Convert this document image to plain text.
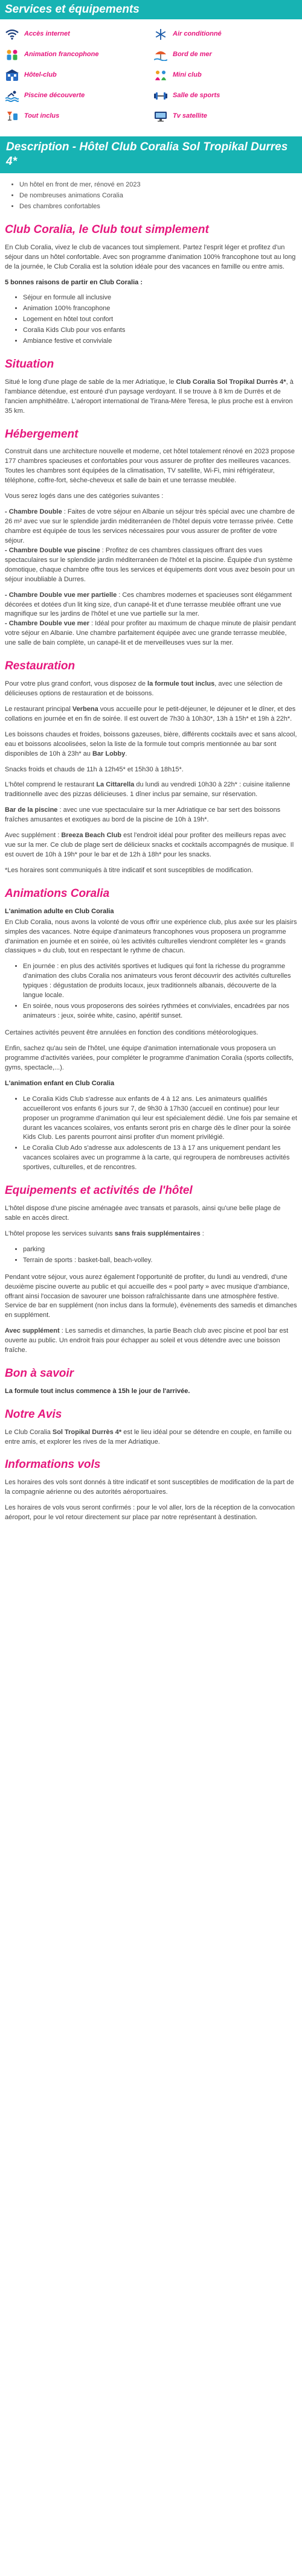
Services et équipements
Accès internet	Air conditionné
Animation francophone	Bord de mer
Hôtel-club	Mini club
Piscine découverte	Salle de sports
Tout inclus	Tv satellite
Description - Hôtel Club Coralia Sol Tropikal Durres 4*
• Un hôtel en front de mer, rénové en 2023
• De nombreuses animations Coralia
• Des chambres confortables
Club Coralia, le Club tout simplement

En Club Coralia, vivez le club de vacances tout simplement. Partez l'esprit léger et profitez d'un séjour dans un hôtel confortable. Avec son programme d'animation 100% francophone tout au long de la journée, le Club Coralia est la solution idéale pour des vacances en famille ou entre amis.

5 bonnes raisons de partir en Club Coralia :

• Séjour en formule all inclusive
• Animation 100% francophone
• Logement en hôtel tout confort
• Coralia Kids Club pour vos enfants
• Ambiance festive et conviviale
Situation

Situé le long d'une plage de sable de la mer Adriatique, le Club Coralia Sol Tropikal Durrès 4*, à l'ambiance détendue, est entouré d'un paysage verdoyant. Il se trouve à 8 km de Durrës et de l'ancien amphithéâtre. L'aéroport international de Tirana-Mère Teresa, le plus proche est à environ 35 km.

Hébergement

Construit dans une architecture nouvelle et moderne, cet hôtel totalement rénové en 2023 propose 177 chambres spacieuses et confortables pour vous assurer de profiter des meilleures vacances. Toutes les chambres sont équipées de la climatisation, TV satellite, Wi-Fi, mini réfrigérateur, téléphone, coffre-fort, sèche-cheveux et salle de bain et une terrasse meublée.

Vous serez logés dans une des catégories suivantes :

- Chambre Double : Faites de votre séjour en Albanie un séjour très spécial avec une chambre de 26 m² avec vue sur le splendide jardin méditerranéen de l'hôtel depuis votre terrasse privée. Cette chambre est équipée de tous les services nécessaires pour vous assurer de profiter de votre séjour.
- Chambre Double vue piscine : Profitez de ces chambres classiques offrant des vues spectaculaires sur le splendide jardin méditerranéen de l'hôtel et la piscine. Équipée d'un système domotique, chaque chambre offre tous les services et équipements dont vous avez besoin pour un séjour inoubliable à Durres.

- Chambre Double vue mer partielle : Ces chambres modernes et spacieuses sont élégamment décorées et dotées d'un lit king size, d'un canapé-lit et d'une terrasse meublée offrant une vue magnifique sur les jardins de l'hôtel et une vue partielle sur la mer.
- Chambre Double vue mer : Idéal pour profiter au maximum de chaque minute de plaisir pendant votre séjour en Albanie. Une chambre parfaitement équipée avec une grande terrasse meublée, une salle de bain complète, un canapé-lit et de merveilleuses vues sur la mer.

Restauration

Pour votre plus grand confort, vous disposez de la formule tout inclus, avec une sélection de délicieuses options de restauration et de boissons.

Le restaurant principal Verbena vous accueille pour le petit-déjeuner, le déjeuner et le dîner, et des collations en journée et en fin de soirée. Il est ouvert de 7h30 à 10h30*, 13h à 15h* et 19h à 22h*.

Les boissons chaudes et froides, boissons gazeuses, bière, différents cocktails avec et sans alcool, eau et boissons alcoolisées, selon la liste de la formule tout compris mentionnée au bar sont disponibles de 10h à 23h* au Bar Lobby.

Snacks froids et chauds de 11h à 12h45* et 15h30 à 18h15*.

L'hôtel comprend le restaurant La Cittarella du lundi au vendredi 10h30 à 22h* : cuisine italienne traditionnelle avec des pizzas délicieuses. 1 dîner inclus par semaine, sur réservation.

Bar de la piscine : avec une vue spectaculaire sur la mer Adriatique ce bar sert des boissons fraîches amusantes et exotiques au bord de la piscine de 10h à 19h*.

Avec supplément : Breeza Beach Club est l'endroit idéal pour profiter des meilleurs repas avec vue sur la mer. Ce club de plage sert de délicieux snacks et cocktails accompagnés de musique. Il est ouvert de 10h à 19h* pour le bar et de 12h à 18h* pour les snacks.

*Les horaires sont communiqués à titre indicatif et sont susceptibles de modification.

Animations Coralia

L'animation adulte en Club Coralia

En Club Coralia, nous avons la volonté de vous offrir une expérience club, plus axée sur les plaisirs simples des vacances. Notre équipe d'animateurs francophones vous proposera un programme d'animation en journée et en soirée, où les activités culturelles viendront compléter les « grands classiques » du club, tout en respectant le rythme de chacun.

• En journée : en plus des activités sportives et ludiques qui font la richesse du programme d'animation des clubs Coralia nos animateurs vous feront découvrir des activités culturelles typiques : dégustation de produits locaux, jeux traditionnels albanais, découverte de la langue locale.
• En soirée, nous vous proposerons des soirées rythmées et conviviales, encadrées par nos animateurs : jeux, soirée white, casino, apéritif sunset.

Certaines activités peuvent être annulées en fonction des conditions météorologiques.

Enfin, sachez qu'au sein de l'hôtel, une équipe d'animation internationale vous proposera un programme d'activités variées, pour compléter le programme d'animation Coralia (sports collectifs, gyms, spectacle,...).

L'animation enfant en Club Coralia

• Le Coralia Kids Club s'adresse aux enfants de 4 à 12 ans. Les animateurs qualifiés accueilleront vos enfants 6 jours sur 7, de 9h30 à 17h30 (accueil en continue) pour leur proposer un programme d'animation qui leur est spécialement dédié. Une fois par semaine et durant les vacances scolaires, vos enfants seront pris en charge dès le dîner pour la soirée Kids Club. Les parents pourront ainsi profiter d'un moment privilégié.
• Le Coralia Club Ado s'adresse aux adolescents de 13 à 17 ans uniquement pendant les vacances scolaires avec un programme à la carte, qui regroupera de nombreuses activités sportives, culturelles, et de rencontres.
Equipements et activités de l'hôtel

L'hôtel dispose d'une piscine aménagée avec transats et parasols, ainsi qu'une belle plage de sable en accès direct.

L'hôtel propose les services suivants sans frais supplémentaires :

• parking
• Terrain de sports : basket-ball, beach-volley.

Pendant votre séjour, vous aurez également l'opportunité de profiter, du lundi au vendredi, d'une deuxième piscine ouverte au public et qui accueille des « pool party » avec musique d'ambiance, offrant ainsi l'occasion de savourer une boisson rafraîchissante dans une atmosphère festive. Service de bar en supplément (non inclus dans la formule), évènements des samedis et dimanches en supplément.

Avec supplément : Les samedis et dimanches, la partie Beach club avec piscine et pool bar est ouverte au public. Un endroit frais pour échapper au soleil et vous détendre avec une boisson fraîche.

Bon à savoir

La formule tout inclus commence à 15h le jour de l'arrivée.

Notre Avis

Le Club Coralia Sol Tropikal Durrès 4* est le lieu idéal pour se détendre en couple, en famille ou entre amis, et explorer les rives de la mer Adriatique.

Informations vols

Les horaires des vols sont donnés à titre indicatif et sont susceptibles de modification de la part de la compagnie aérienne ou des autorités aéroportuaires.

Les horaires de vols vous seront confirmés : pour le vol aller, lors de la réception de la convocation aéroport, pour le vol retour directement sur place par notre représentant à destination.
